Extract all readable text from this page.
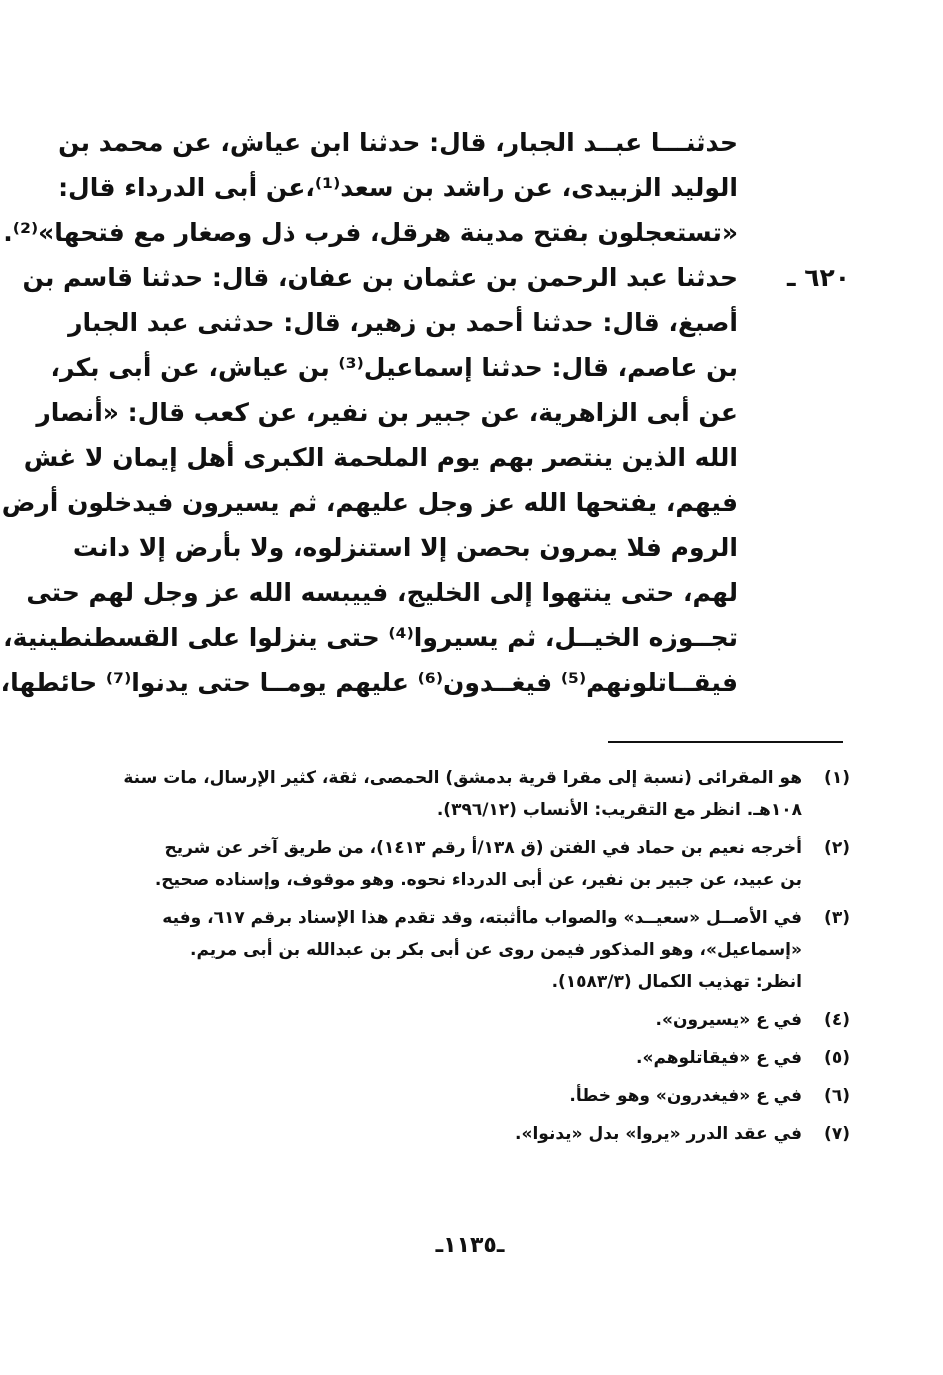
حدثنـــا عبــد الجبار، قال: حدثنا ابن عياش، عن محمد بن
الوليد الزبيدى، عن راشد بن سعد⁽¹⁾،عن أبى الدرداء قال:
«تستعجلون بفتح مدينة هرقل، فرب ذل وصغار مع فتحها»⁽²⁾.
٦٢٠ ـ
حدثنا عبد الرحمن بن عثمان بن عفان، قال: حدثنا قاسم بن
أصبغ، قال: حدثنا أحمد بن زهير، قال: حدثنى عبد الجبار
بن عاصم، قال: حدثنا إسماعيل⁽³⁾ بن عياش، عن أبى بكر،
عن أبى الزاهرية، عن جبير بن نفير، عن كعب قال: «أنصار
الله الذين ينتصر بهم يوم الملحمة الكبرى أهل إيمان لا غش
فيهم، يفتحها الله عز وجل عليهم، ثم يسيرون فيدخلون أرض
الروم فلا يمرون بحصن إلا استنزلوه، ولا بأرض إلا دانت
لهم، حتى ينتهوا إلى الخليج، فييبسه الله عز وجل لهم حتى
تجــوزه الخيــل، ثم يسيروا⁽⁴⁾ حتى ينزلوا على القسطنطينية،
فيقــاتلونهم⁽⁵⁾ فيغــدون⁽⁶⁾ عليهم يومــا حتى يدنوا⁽⁷⁾ حائطها،
(١)
هو المقرائى (نسبة إلى مقرا قرية بدمشق) الحمصى، ثقة، كثير الإرسال، مات سنة
١٠٨هـ. انظر مع التقريب: الأنساب (٣٩٦/١٢).
(٢)
أخرجه نعيم بن حماد في الفتن (ق ١٣٨/أ رقم ١٤١٣)، من طريق آخر عن شريح
بن عبيد، عن جبير بن نفير، عن أبى الدرداء نحوه. وهو موقوف، وإسناده صحيح.
(٣)
في الأصــل «سعيــد» والصواب ماأثبته، وقد تقدم هذا الإسناد برقم ٦١٧، وفيه
«إسماعيل»، وهو المذكور فيمن روى عن أبى بكر بن عبدالله بن أبى مريم.
انظر: تهذيب الكمال (١٥٨٣/٣).
(٤)
في ع «يسيرون».
(٥)
في ع «فيقاتلوهم».
(٦)
في ع «فيغدرون» وهو خطأ.
(٧)
في عقد الدرر «يروا» بدل «يدنوا».
ـ١١٣٥ـ
